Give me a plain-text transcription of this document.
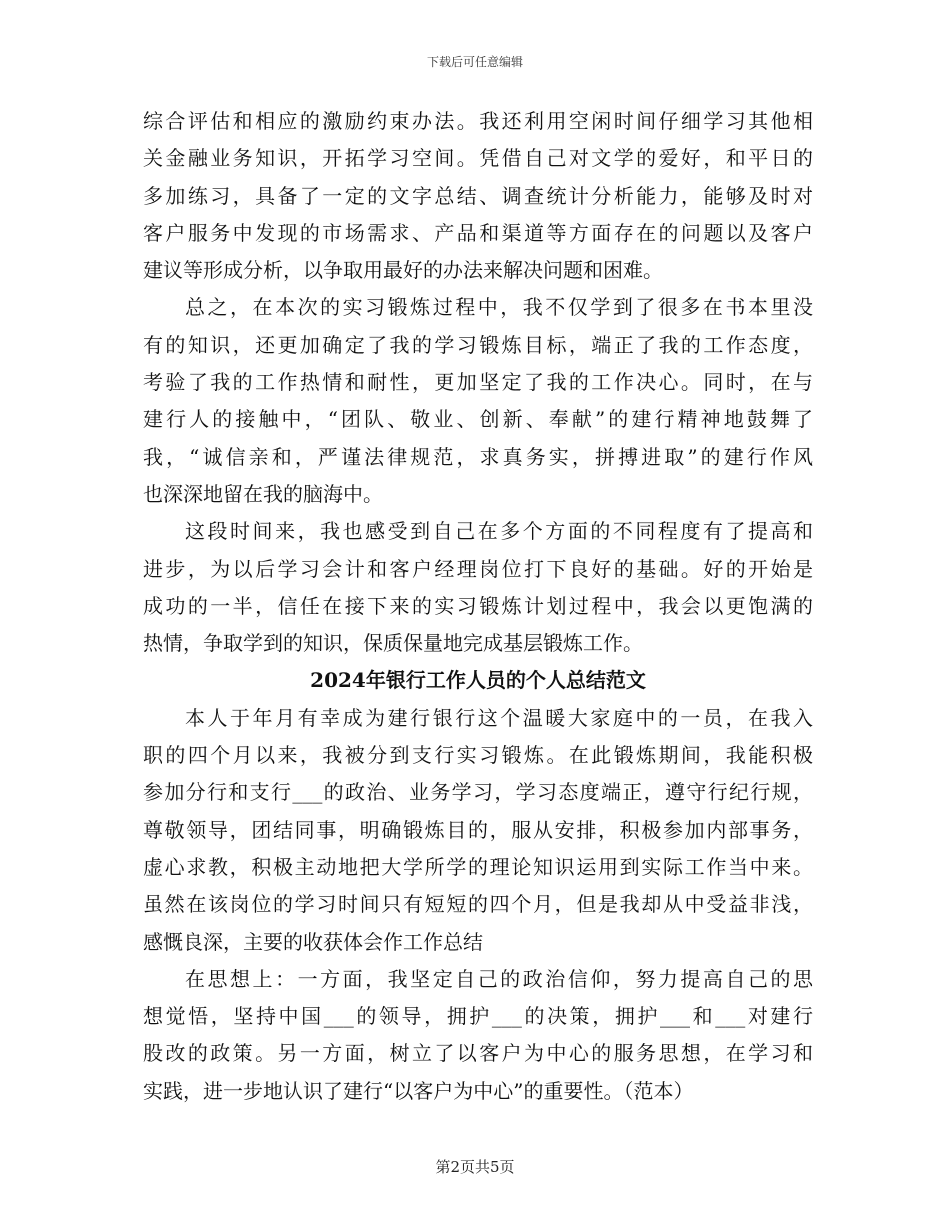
下载后可任意编辑
综合评估和相应的激励约束办法。我还利用空闲时间仔细学习其他相
关金融业务知识，开拓学习空间。凭借自己对文学的爱好，和平日的
多加练习，具备了一定的文字总结、调查统计分析能力，能够及时对
客户服务中发现的市场需求、产品和渠道等方面存在的问题以及客户
建议等形成分析，以争取用最好的办法来解决问题和困难。
总之，在本次的实习锻炼过程中，我不仅学到了很多在书本里没
有的知识，还更加确定了我的学习锻炼目标，端正了我的工作态度，
考验了我的工作热情和耐性，更加坚定了我的工作决心。同时，在与
建行人的接触中，“团队、敬业、创新、奉献”的建行精神地鼓舞了
我，“诚信亲和，严谨法律规范，求真务实，拼搏进取”的建行作风
也深深地留在我的脑海中。
这段时间来，我也感受到自己在多个方面的不同程度有了提高和
进步，为以后学习会计和客户经理岗位打下良好的基础。好的开始是
成功的一半，信任在接下来的实习锻炼计划过程中，我会以更饱满的
热情，争取学到的知识，保质保量地完成基层锻炼工作。
2024年银行工作人员的个人总结范文
本人于年月有幸成为建行银行这个温暖大家庭中的一员，在我入
职的四个月以来，我被分到支行实习锻炼。在此锻炼期间，我能积极
参加分行和支行___的政治、业务学习，学习态度端正，遵守行纪行规，
尊敬领导，团结同事，明确锻炼目的，服从安排，积极参加内部事务，
虚心求教，积极主动地把大学所学的理论知识运用到实际工作当中来。
虽然在该岗位的学习时间只有短短的四个月，但是我却从中受益非浅，
感慨良深，主要的收获体会作工作总结
在思想上：一方面，我坚定自己的政治信仰，努力提高自己的思
想觉悟，坚持中国___的领导，拥护___的决策，拥护___和___对建行
股改的政策。另一方面，树立了以客户为中心的服务思想，在学习和
实践，进一步地认识了建行“以客户为中心”的重要性。（范本）
第2页共5页
